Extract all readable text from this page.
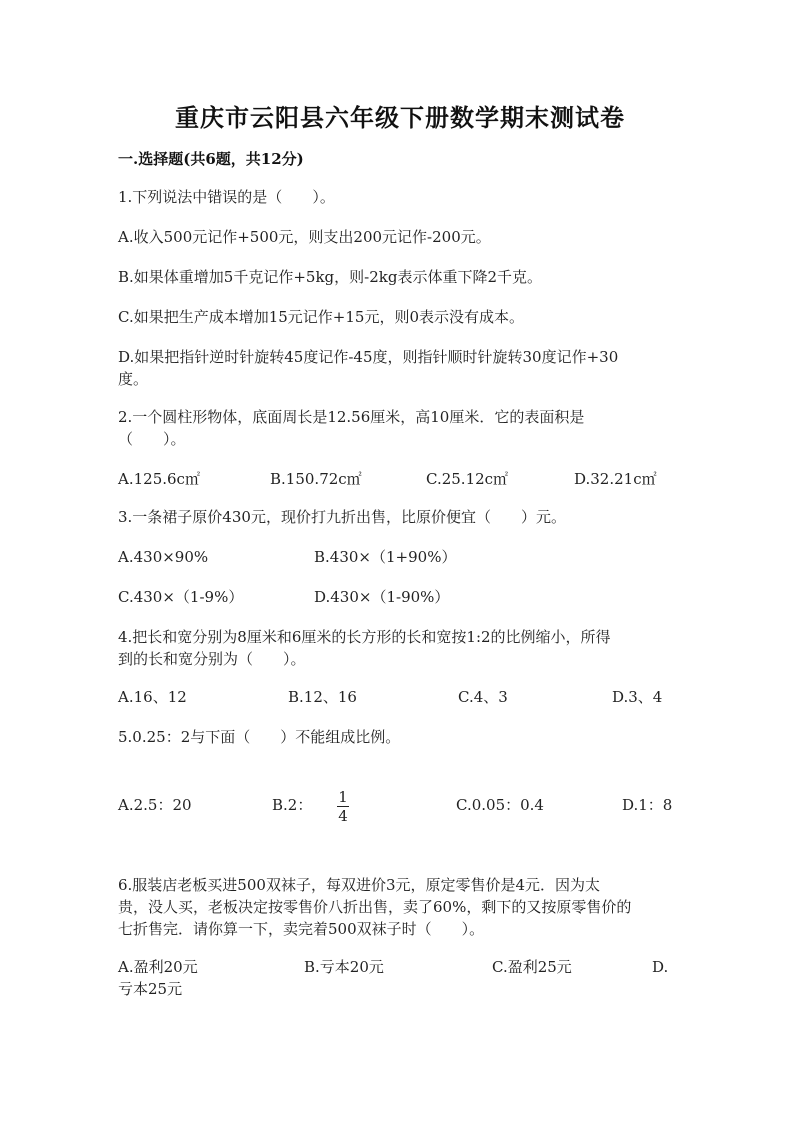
重庆市云阳县六年级下册数学期末测试卷
一.选择题(共6题，共12分)
1.下列说法中错误的是（　　）。
A.收入500元记作+500元，则支出200元记作-200元。
B.如果体重增加5千克记作+5kg，则-2kg表示体重下降2千克。
C.如果把生产成本增加15元记作+15元，则0表示没有成本。
D.如果把指针逆时针旋转45度记作-45度，则指针顺时针旋转30度记作+30
度。
2.一个圆柱形物体，底面周长是12.56厘米，高10厘米．它的表面积是
（　　）。
A.125.6c㎡	B.150.72c㎡	C.25.12c㎡	D.32.21c㎡
3.一条裙子原价430元，现价打九折出售，比原价便宜（　　）元。
A.430×90%	B.430×（1+90%）
C.430×（1-9%）	D.430×（1-90%）
4.把长和宽分别为8厘米和6厘米的长方形的长和宽按1:2的比例缩小，所得
到的长和宽分别为（　　）。
A.16、12	B.12、16	C.4、3	D.3、4
5.0.25：2与下面（　　）不能组成比例。
A.2.5：20	B.2： 1
4
C.0.05：0.4	D.1：8
6.服装店老板买进500双袜子，每双进价3元，原定零售价是4元．因为太
贵，没人买，老板决定按零售价八折出售，卖了60%，剩下的又按原零售价的
七折售完．请你算一下，卖完着500双袜子时（　　）。
A.盈利20元	B.亏本20元	C.盈利25元	D.
亏本25元
